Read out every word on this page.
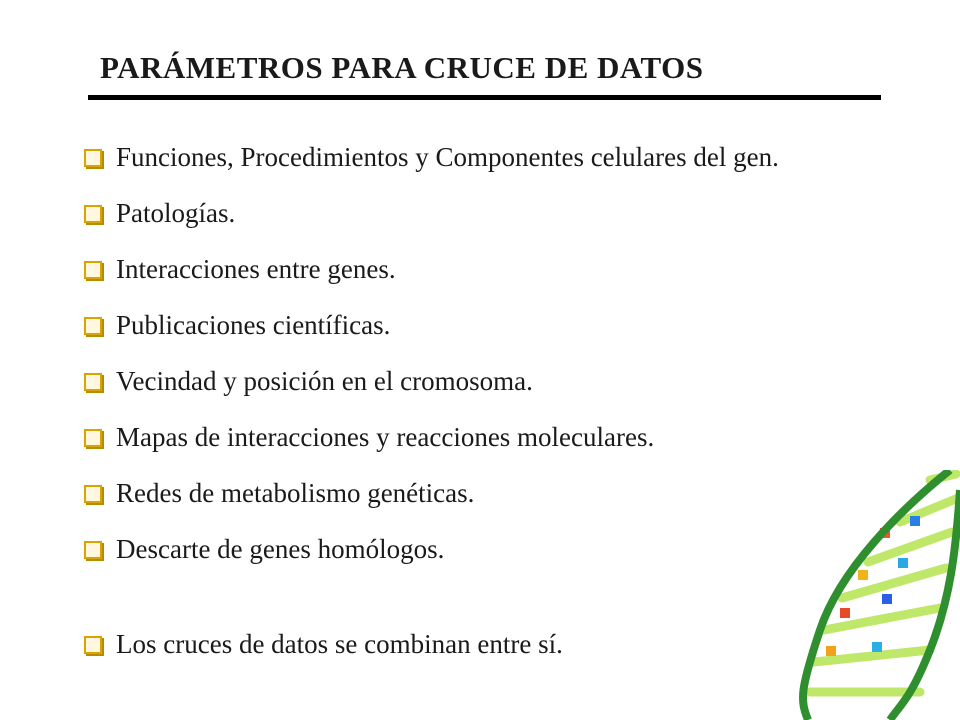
PARÁMETROS PARA CRUCE DE DATOS
Funciones, Procedimientos y Componentes celulares del gen.
Patologías.
Interacciones entre genes.
Publicaciones científicas.
Vecindad y posición en el cromosoma.
Mapas de interacciones y reacciones moleculares.
Redes de metabolismo genéticas.
Descarte de genes homólogos.
Los cruces de datos se combinan entre sí.
